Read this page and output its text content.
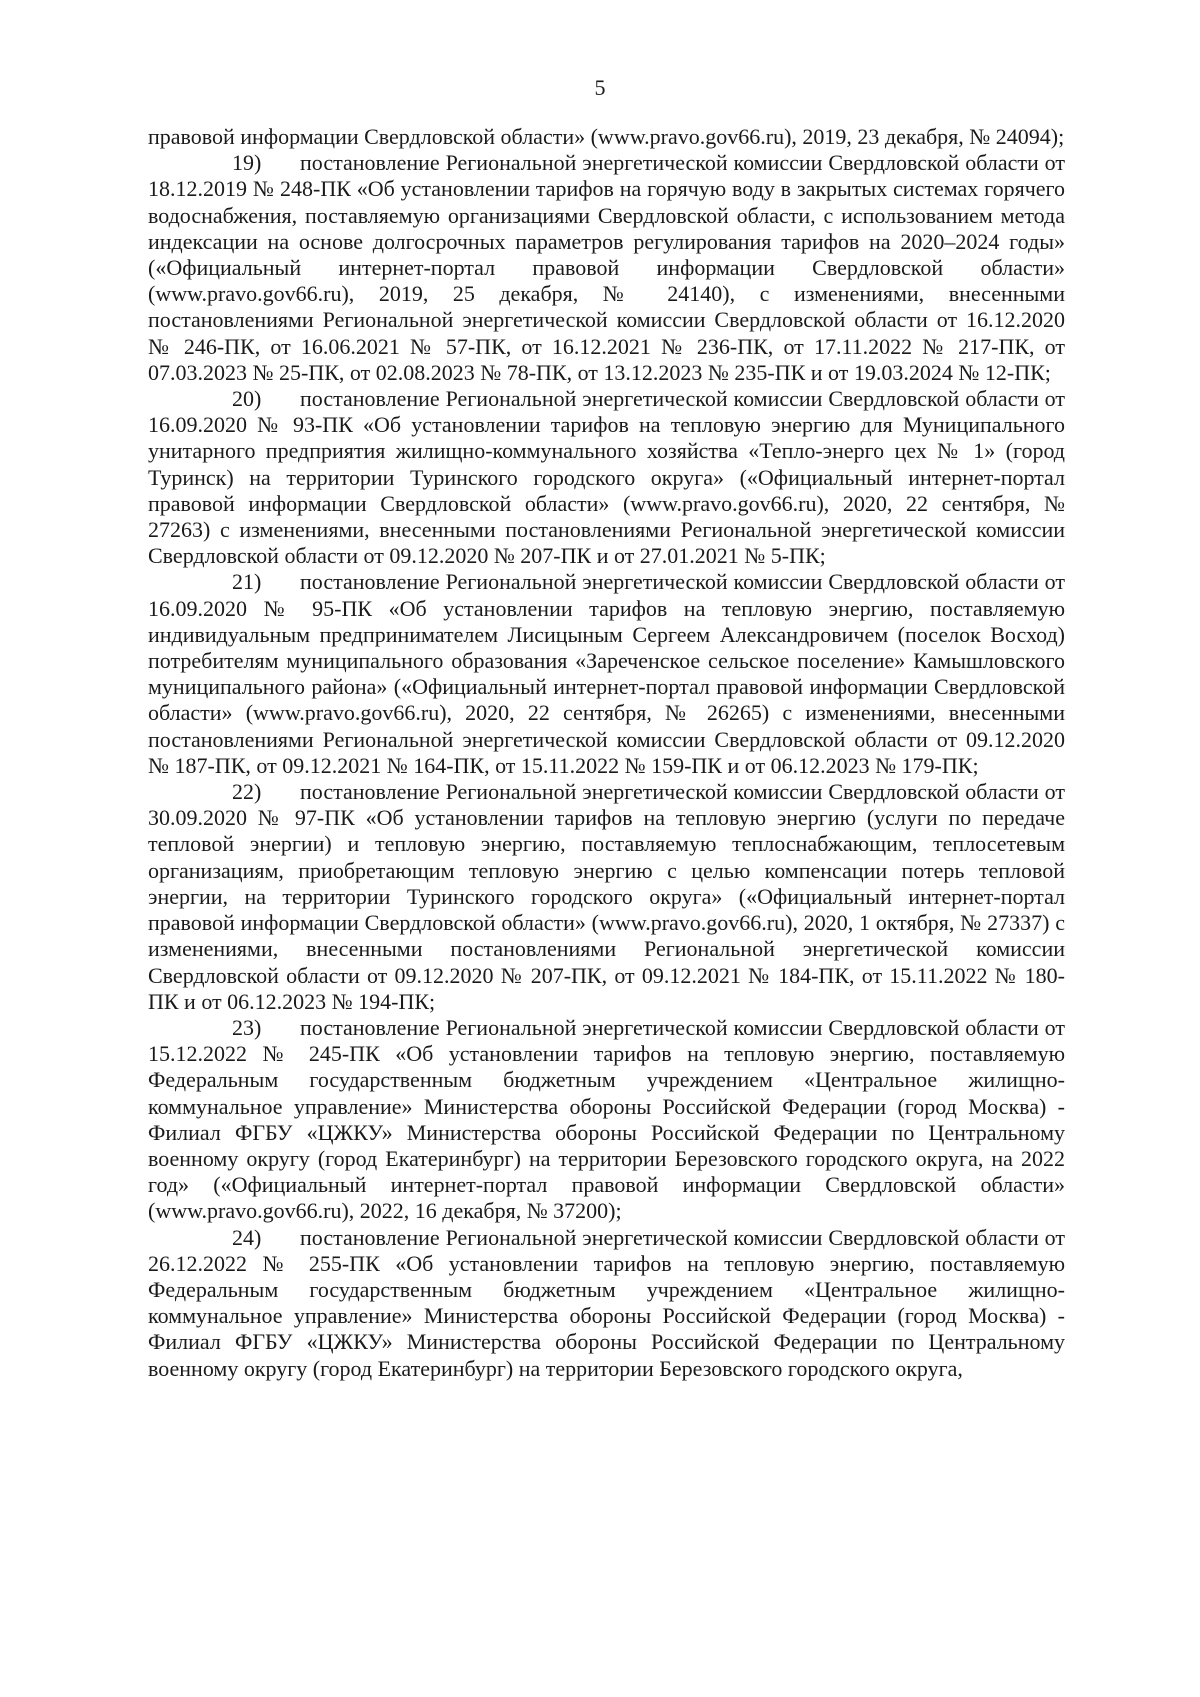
5

правовой информации Свердловской области» (www.pravo.gov66.ru), 2019, 23 декабря, № 24094);

19) постановление Региональной энергетической комиссии Свердловской области от 18.12.2019 № 248-ПК «Об установлении тарифов на горячую воду в закрытых системах горячего водоснабжения, поставляемую организациями Свердловской области, с использованием метода индексации на основе долгосрочных параметров регулирования тарифов на 2020–2024 годы» («Официальный интернет-портал правовой информации Свердловской области» (www.pravo.gov66.ru), 2019, 25 декабря, № 24140), с изменениями, внесенными постановлениями Региональной энергетической комиссии Свердловской области от 16.12.2020 № 246-ПК, от 16.06.2021 № 57-ПК, от 16.12.2021 № 236-ПК, от 17.11.2022 № 217-ПК, от 07.03.2023 № 25-ПК, от 02.08.2023 № 78-ПК, от 13.12.2023 № 235-ПК и от 19.03.2024 № 12-ПК;

20) постановление Региональной энергетической комиссии Свердловской области от 16.09.2020 № 93-ПК «Об установлении тарифов на тепловую энергию для Муниципального унитарного предприятия жилищно-коммунального хозяйства «Тепло-энерго цех № 1» (город Туринск) на территории Туринского городского округа» («Официальный интернет-портал правовой информации Свердловской области» (www.pravo.gov66.ru), 2020, 22 сентября, № 27263) с изменениями, внесенными постановлениями Региональной энергетической комиссии Свердловской области от 09.12.2020 № 207-ПК и от 27.01.2021 № 5-ПК;

21) постановление Региональной энергетической комиссии Свердловской области от 16.09.2020 № 95-ПК «Об установлении тарифов на тепловую энергию, поставляемую индивидуальным предпринимателем Лисицыным Сергеем Александровичем (поселок Восход) потребителям муниципального образования «Зареченское сельское поселение» Камышловского муниципального района» («Официальный интернет-портал правовой информации Свердловской области» (www.pravo.gov66.ru), 2020, 22 сентября, № 26265) с изменениями, внесенными постановлениями Региональной энергетической комиссии Свердловской области от 09.12.2020 № 187-ПК, от 09.12.2021 № 164-ПК, от 15.11.2022 № 159-ПК и от 06.12.2023 № 179-ПК;

22) постановление Региональной энергетической комиссии Свердловской области от 30.09.2020 № 97-ПК «Об установлении тарифов на тепловую энергию (услуги по передаче тепловой энергии) и тепловую энергию, поставляемую теплоснабжающим, теплосетевым организациям, приобретающим тепловую энергию с целью компенсации потерь тепловой энергии, на территории Туринского городского округа» («Официальный интернет-портал правовой информации Свердловской области» (www.pravo.gov66.ru), 2020, 1 октября, № 27337) с изменениями, внесенными постановлениями Региональной энергетической комиссии Свердловской области от 09.12.2020 № 207-ПК, от 09.12.2021 № 184-ПК, от 15.11.2022 № 180-ПК и от 06.12.2023 № 194-ПК;

23) постановление Региональной энергетической комиссии Свердловской области от 15.12.2022 № 245-ПК «Об установлении тарифов на тепловую энергию, поставляемую Федеральным государственным бюджетным учреждением «Центральное жилищно-коммунальное управление» Министерства обороны Российской Федерации (город Москва) - Филиал ФГБУ «ЦЖКУ» Министерства обороны Российской Федерации по Центральному военному округу (город Екатеринбург) на территории Березовского городского округа, на 2022 год» («Официальный интернет-портал правовой информации Свердловской области» (www.pravo.gov66.ru), 2022, 16 декабря, № 37200);

24) постановление Региональной энергетической комиссии Свердловской области от 26.12.2022 № 255-ПК «Об установлении тарифов на тепловую энергию, поставляемую Федеральным государственным бюджетным учреждением «Центральное жилищно-коммунальное управление» Министерства обороны Российской Федерации (город Москва) - Филиал ФГБУ «ЦЖКУ» Министерства обороны Российской Федерации по Центральному военному округу (город Екатеринбург) на территории Березовского городского округа,
